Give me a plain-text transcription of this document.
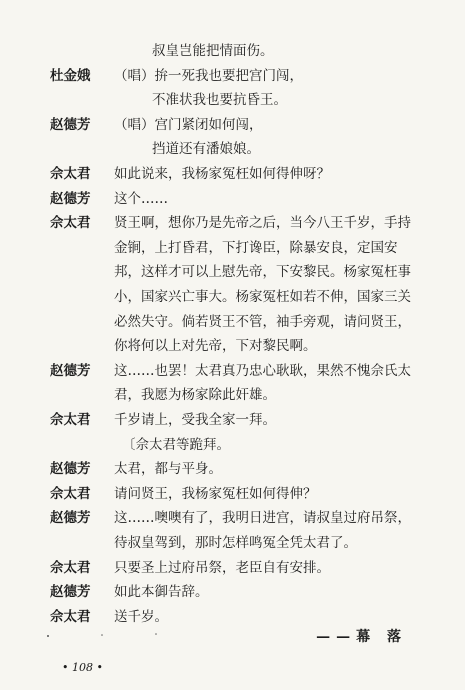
叔皇岂能把情面伤。
杜金娥	（唱）拚一死我也要把宫门闯，
不准状我也要抗昏王。
赵德芳	（唱）宫门紧闭如何闯，
挡道还有潘娘娘。
佘太君	如此说来，我杨家冤枉如何得伸呀？
赵德芳	这个……
佘太君	贤王啊，想你乃是先帝之后，当今八王千岁，手持
金锏，上打昏君，下打谗臣，除暴安良，定国安
邦，这样才可以上慰先帝，下安黎民。杨家冤枉事
小，国家兴亡事大。杨家冤枉如若不伸，国家三关
必然失守。倘若贤王不管，袖手旁观，请问贤王，
你将何以上对先帝，下对黎民啊。
赵德芳	这……也罢！太君真乃忠心耿耿，果然不愧佘氏太
君，我愿为杨家除此奸雄。
佘太君	千岁请上，受我全家一拜。
〔佘太君等跪拜。
赵德芳	太君，都与平身。
佘太君	请问贤王，我杨家冤枉如何得伸？
赵德芳	这……噢噢有了，我明日进宫，请叔皇过府吊祭，
待叔皇驾到，那时怎样鸣冤全凭太君了。
佘太君	只要圣上过府吊祭，老臣自有安排。
赵德芳	如此本御告辞。
佘太君	送千岁。
——幕 落
• 108 •
